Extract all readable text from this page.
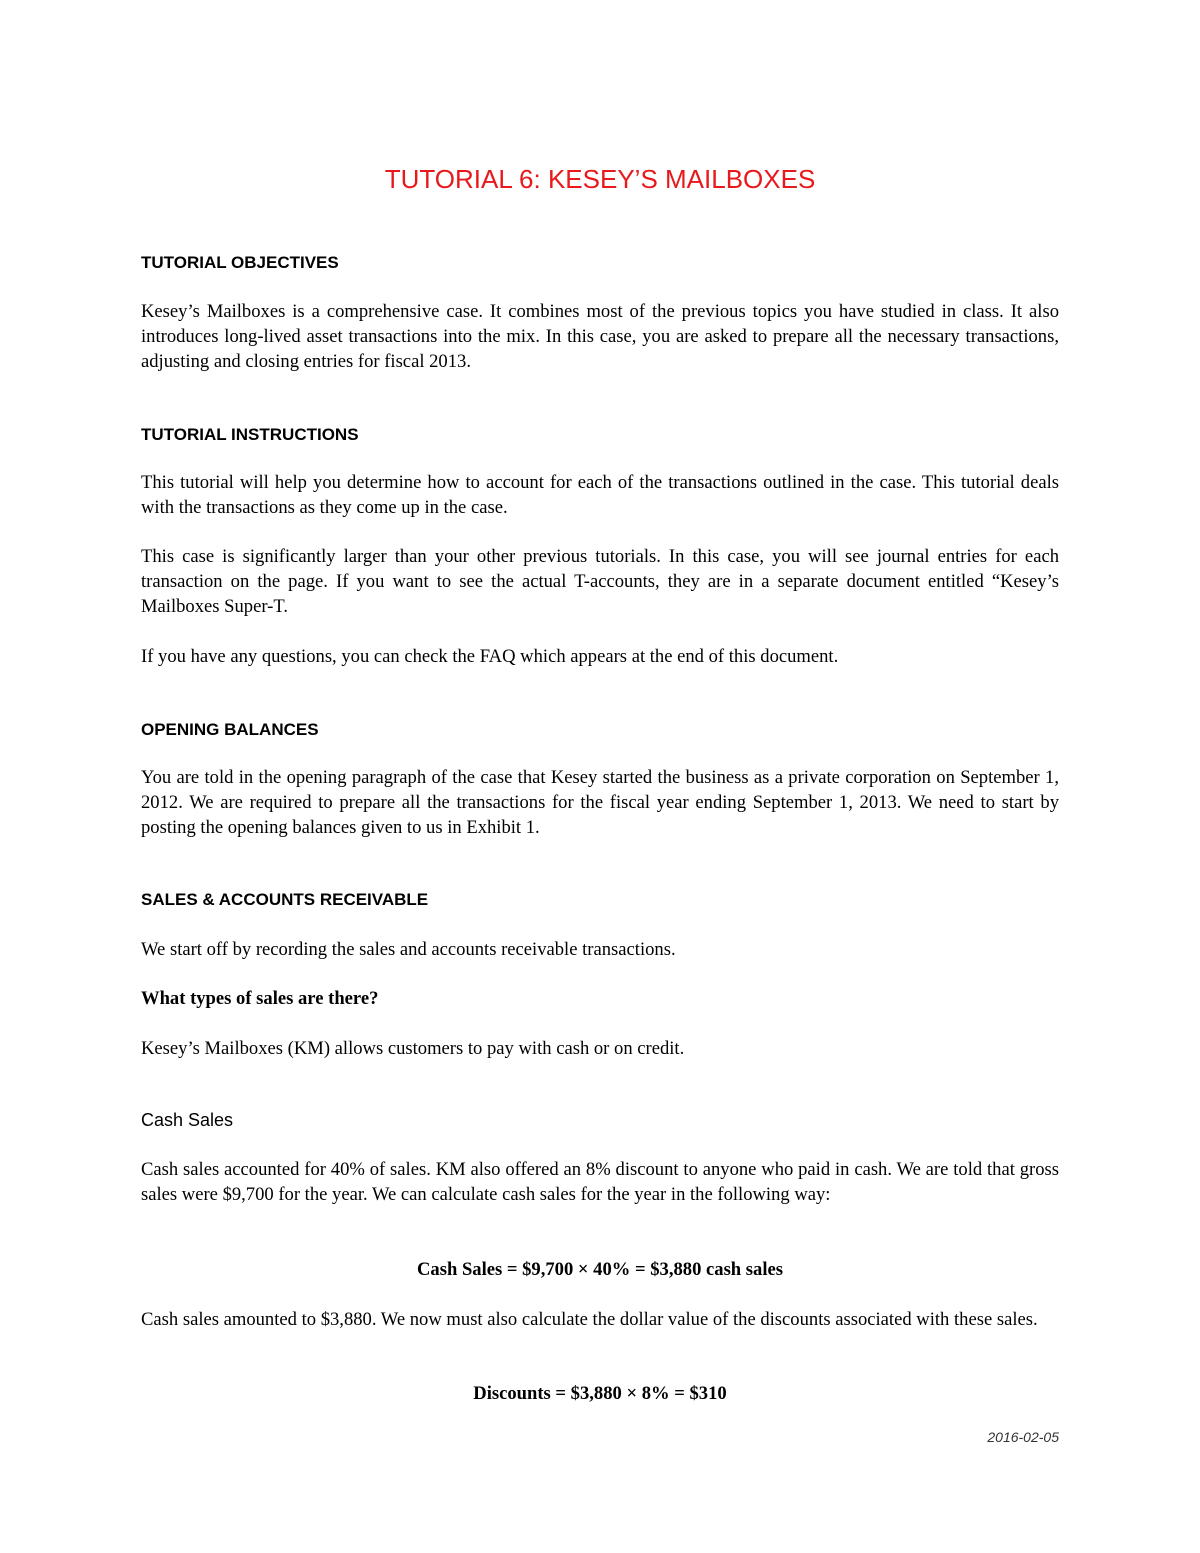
TUTORIAL 6: KESEY’S MAILBOXES
TUTORIAL OBJECTIVES

Kesey’s Mailboxes is a comprehensive case. It combines most of the previous topics you have studied in class. It also introduces long-lived asset transactions into the mix. In this case, you are asked to prepare all the necessary transactions, adjusting and closing entries for fiscal 2013.

TUTORIAL INSTRUCTIONS

This tutorial will help you determine how to account for each of the transactions outlined in the case. This tutorial deals with the transactions as they come up in the case.

This case is significantly larger than your other previous tutorials. In this case, you will see journal entries for each transaction on the page. If you want to see the actual T-accounts, they are in a separate document entitled “Kesey’s Mailboxes Super-T.

If you have any questions, you can check the FAQ which appears at the end of this document.

OPENING BALANCES

You are told in the opening paragraph of the case that Kesey started the business as a private corporation on September 1, 2012. We are required to prepare all the transactions for the fiscal year ending September 1, 2013. We need to start by posting the opening balances given to us in Exhibit 1.

SALES & ACCOUNTS RECEIVABLE

We start off by recording the sales and accounts receivable transactions.

What types of sales are there?

Kesey’s Mailboxes (KM) allows customers to pay with cash or on credit.

Cash Sales

Cash sales accounted for 40% of sales. KM also offered an 8% discount to anyone who paid in cash. We are told that gross sales were $9,700 for the year. We can calculate cash sales for the year in the following way:

Cash Sales = $9,700 × 40% = $3,880 cash sales

Cash sales amounted to $3,880. We now must also calculate the dollar value of the discounts associated with these sales.

Discounts = $3,880 × 8% = $310

2016-02-05
